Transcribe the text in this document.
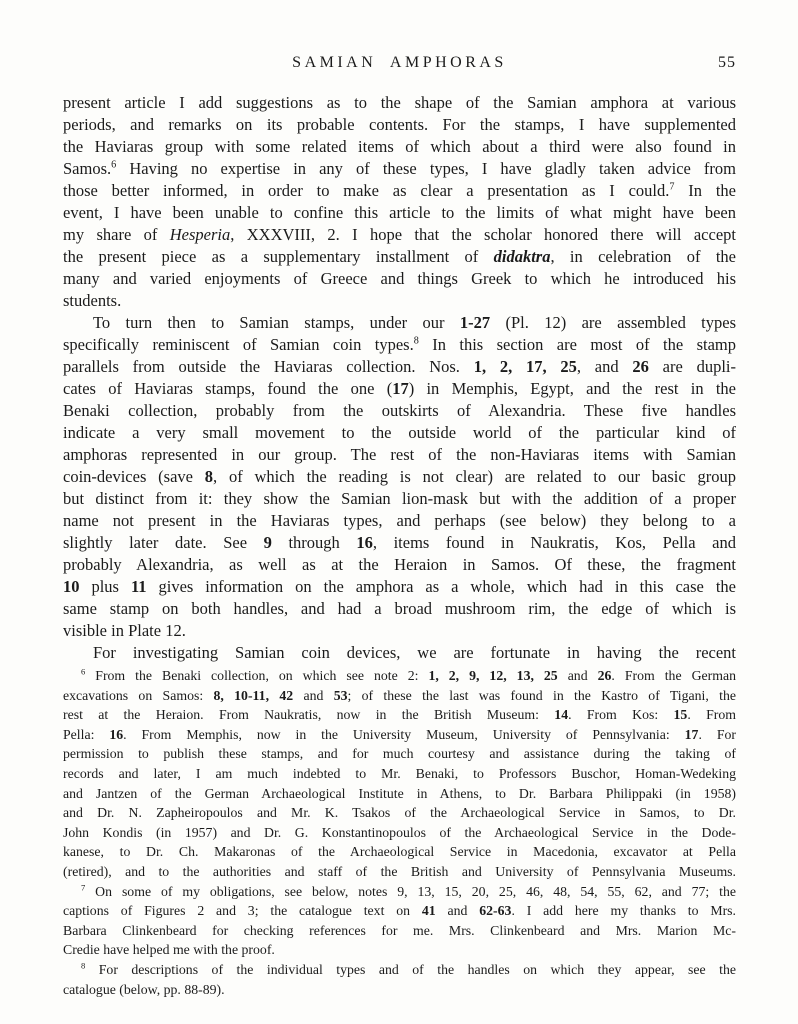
SAMIAN AMPHORAS	55
present article I add suggestions as to the shape of the Samian amphora at various
periods, and remarks on its probable contents. For the stamps, I have supplemented
the Haviaras group with some related items of which about a third were also found in
Samos.$^6$ Having no expertise in any of these types, I have gladly taken advice from
those better informed, in order to make as clear a presentation as I could.$^7$ In the
event, I have been unable to confine this article to the limits of what might have been
my share of Hesperia, XXXVIII, 2. I hope that the scholar honored there will accept
the present piece as a supplementary installment of didaktra, in celebration of the
many and varied enjoyments of Greece and things Greek to which he introduced his
students.
To turn then to Samian stamps, under our 1-27 (Pl. 12) are assembled types
specifically reminiscent of Samian coin types.$^8$ In this section are most of the stamp
parallels from outside the Haviaras collection. Nos. 1, 2, 17, 25, and 26 are dupli-
cates of Haviaras stamps, found the one (17) in Memphis, Egypt, and the rest in the
Benaki collection, probably from the outskirts of Alexandria. These five handles
indicate a very small movement to the outside world of the particular kind of
amphoras represented in our group. The rest of the non-Haviaras items with Samian
coin-devices (save 8, of which the reading is not clear) are related to our basic group
but distinct from it: they show the Samian lion-mask but with the addition of a proper
name not present in the Haviaras types, and perhaps (see below) they belong to a
slightly later date. See 9 through 16, items found in Naukratis, Kos, Pella and
probably Alexandria, as well as at the Heraion in Samos. Of these, the fragment
10 plus 11 gives information on the amphora as a whole, which had in this case the
same stamp on both handles, and had a broad mushroom rim, the edge of which is
visible in Plate 12.
For investigating Samian coin devices, we are fortunate in having the recent
$^6$ From the Benaki collection, on which see note 2: 1, 2, 9, 12, 13, 25 and 26. From the German
excavations on Samos: 8, 10-11, 42 and 53; of these the last was found in the Kastro of Tigani, the
rest at the Heraion. From Naukratis, now in the British Museum: 14. From Kos: 15. From
Pella: 16. From Memphis, now in the University Museum, University of Pennsylvania: 17. For
permission to publish these stamps, and for much courtesy and assistance during the taking of
records and later, I am much indebted to Mr. Benaki, to Professors Buschor, Homan-Wedeking
and Jantzen of the German Archaeological Institute in Athens, to Dr. Barbara Philippaki (in 1958)
and Dr. N. Zapheiropoulos and Mr. K. Tsakos of the Archaeological Service in Samos, to Dr.
John Kondis (in 1957) and Dr. G. Konstantinopoulos of the Archaeological Service in the Dode-
kanese, to Dr. Ch. Makaronas of the Archaeological Service in Macedonia, excavator at Pella
(retired), and to the authorities and staff of the British and University of Pennsylvania Museums.
$^7$ On some of my obligations, see below, notes 9, 13, 15, 20, 25, 46, 48, 54, 55, 62, and 77; the
captions of Figures 2 and 3; the catalogue text on 41 and 62-63. I add here my thanks to Mrs.
Barbara Clinkenbeard for checking references for me. Mrs. Clinkenbeard and Mrs. Marion Mc-
Credie have helped me with the proof.
$^8$ For descriptions of the individual types and of the handles on which they appear, see the
catalogue (below, pp. 88-89).
